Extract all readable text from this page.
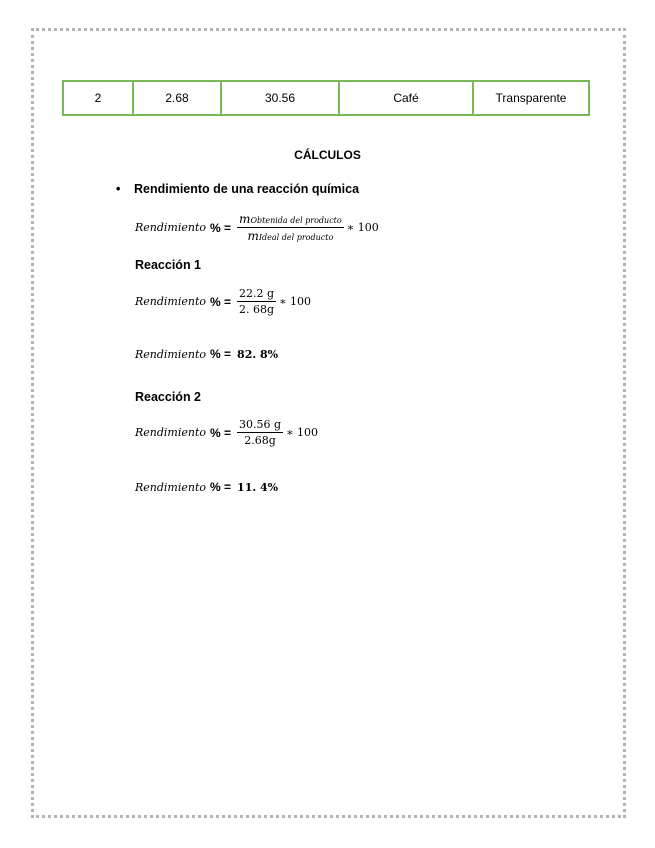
2	2.68	30.56	Café	Transparente
CÁLCULOS
• Rendimiento de una reacción química
Rendimiento % = $\frac{\text{mObtenida del producto}}{\text{mIdeal del producto}}$ ∗ 100
Reacción 1
Rendimiento % = $\frac{22.2 g}{2. 68g}$ ∗ 100
Rendimiento % = 82. 8%
Reacción 2
Rendimiento % = $\frac{30.56 g}{2.68g}$ ∗ 100
Rendimiento % = 11. 4%
